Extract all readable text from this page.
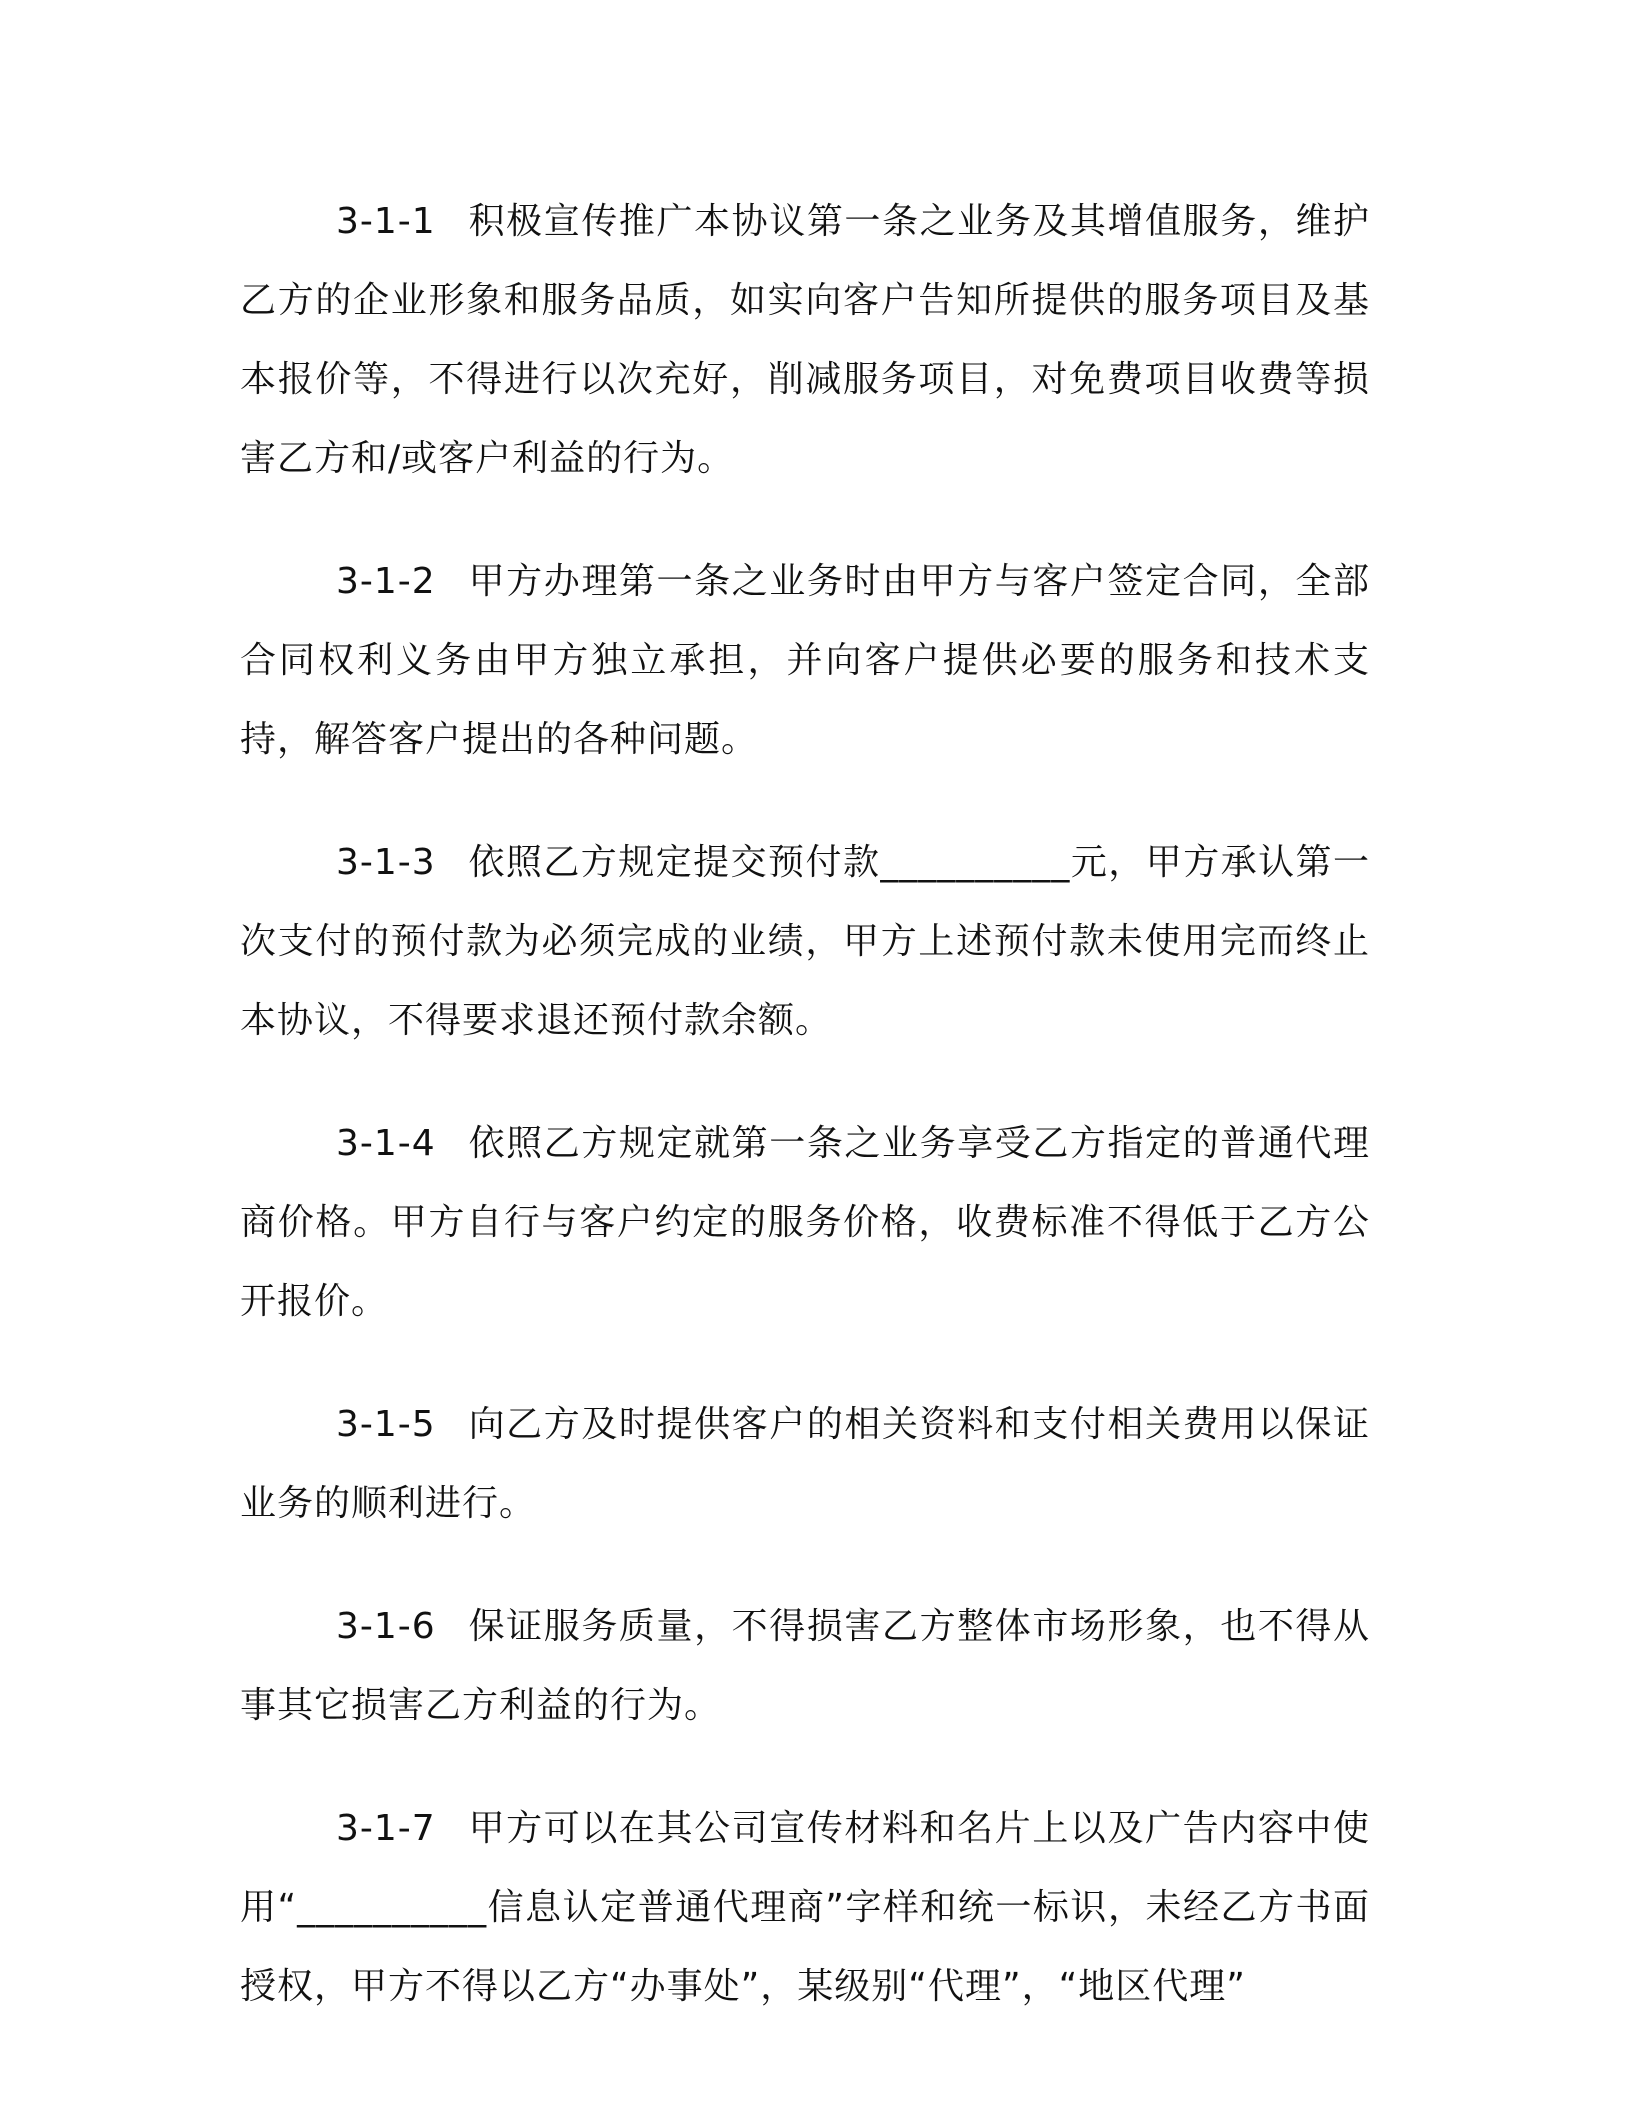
3-1-1 积极宣传推广本协议第一条之业务及其增值服务，维护乙方的企业形象和服务品质，如实向客户告知所提供的服务项目及基本报价等，不得进行以次充好，削减服务项目，对免费项目收费等损害乙方和/或客户利益的行为。

3-1-2 甲方办理第一条之业务时由甲方与客户签定合同，全部合同权利义务由甲方独立承担，并向客户提供必要的服务和技术支持，解答客户提出的各种问题。

3-1-3 依照乙方规定提交预付款__________元，甲方承认第一次支付的预付款为必须完成的业绩，甲方上述预付款未使用完而终止本协议，不得要求退还预付款余额。

3-1-4 依照乙方规定就第一条之业务享受乙方指定的普通代理商价格。甲方自行与客户约定的服务价格，收费标准不得低于乙方公开报价。

3-1-5 向乙方及时提供客户的相关资料和支付相关费用以保证业务的顺利进行。

3-1-6 保证服务质量，不得损害乙方整体市场形象，也不得从事其它损害乙方利益的行为。

3-1-7 甲方可以在其公司宣传材料和名片上以及广告内容中使用“__________信息认定普通代理商”字样和统一标识，未经乙方书面授权，甲方不得以乙方“办事处”，某级别“代理”，“地区代理”
